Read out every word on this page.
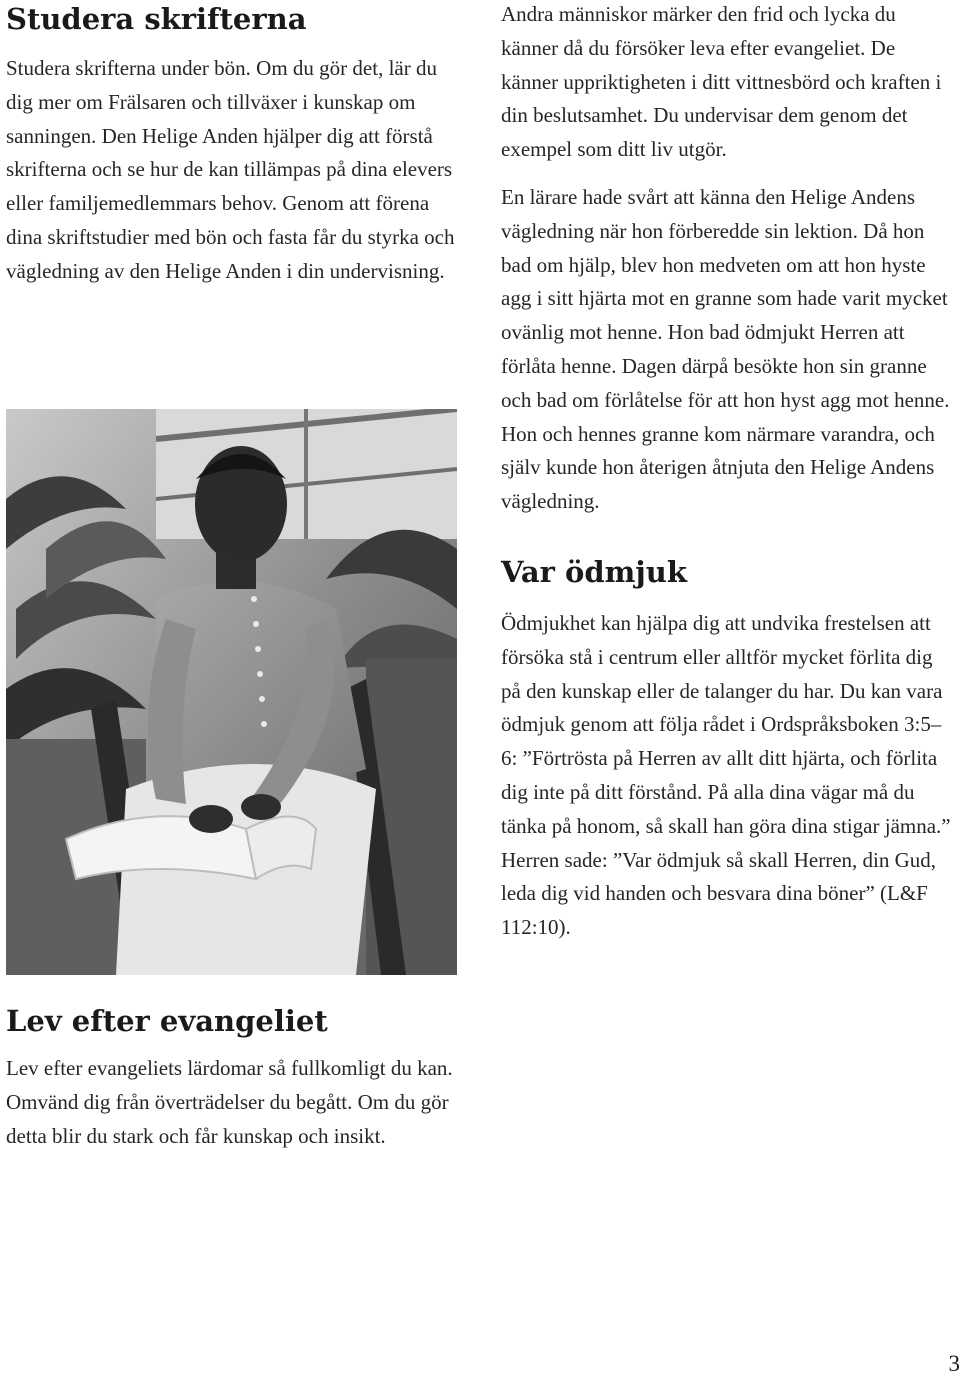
Studera skrifterna

Studera skrifterna under bön. Om du gör det, lär du dig mer om Frälsaren och tillväxer i kunskap om sanningen. Den Helige Anden hjälper dig att förstå skrifterna och se hur de kan tillämpas på dina elevers eller familjemedlemmars behov. Genom att förena dina skriftstudier med bön och fasta får du styrka och vägledning av den Helige Anden i din undervisning.

Lev efter evangeliet

Lev efter evangeliets lärdomar så fullkomligt du kan. Omvänd dig från överträdelser du begått. Om du gör detta blir du stark och får kunskap och insikt.

Andra människor märker den frid och lycka du känner då du försöker leva efter evangeliet. De känner uppriktigheten i ditt vittnesbörd och kraften i din beslutsamhet. Du undervisar dem genom det exempel som ditt liv utgör.

En lärare hade svårt att känna den Helige Andens vägledning när hon förberedde sin lektion. Då hon bad om hjälp, blev hon medveten om att hon hyste agg i sitt hjärta mot en granne som hade varit mycket ovänlig mot henne. Hon bad ödmjukt Herren att förlåta henne. Dagen därpå besökte hon sin granne och bad om förlåtelse för att hon hyst agg mot henne. Hon och hennes granne kom närmare varandra, och själv kunde hon återigen åtnjuta den Helige Andens vägledning.

Var ödmjuk

Ödmjukhet kan hjälpa dig att undvika frestelsen att försöka stå i centrum eller alltför mycket förlita dig på den kunskap eller de talanger du har. Du kan vara ödmjuk genom att följa rådet i Ordspråksboken 3:5–6: ”Förtrösta på Herren av allt ditt hjärta, och förlita dig inte på ditt förstånd. På alla dina vägar må du tänka på honom, så skall han göra dina stigar jämna.” Herren sade: ”Var ödmjuk så skall Herren, din Gud, leda dig vid handen och besvara dina böner” (L&F 112:10).

3
